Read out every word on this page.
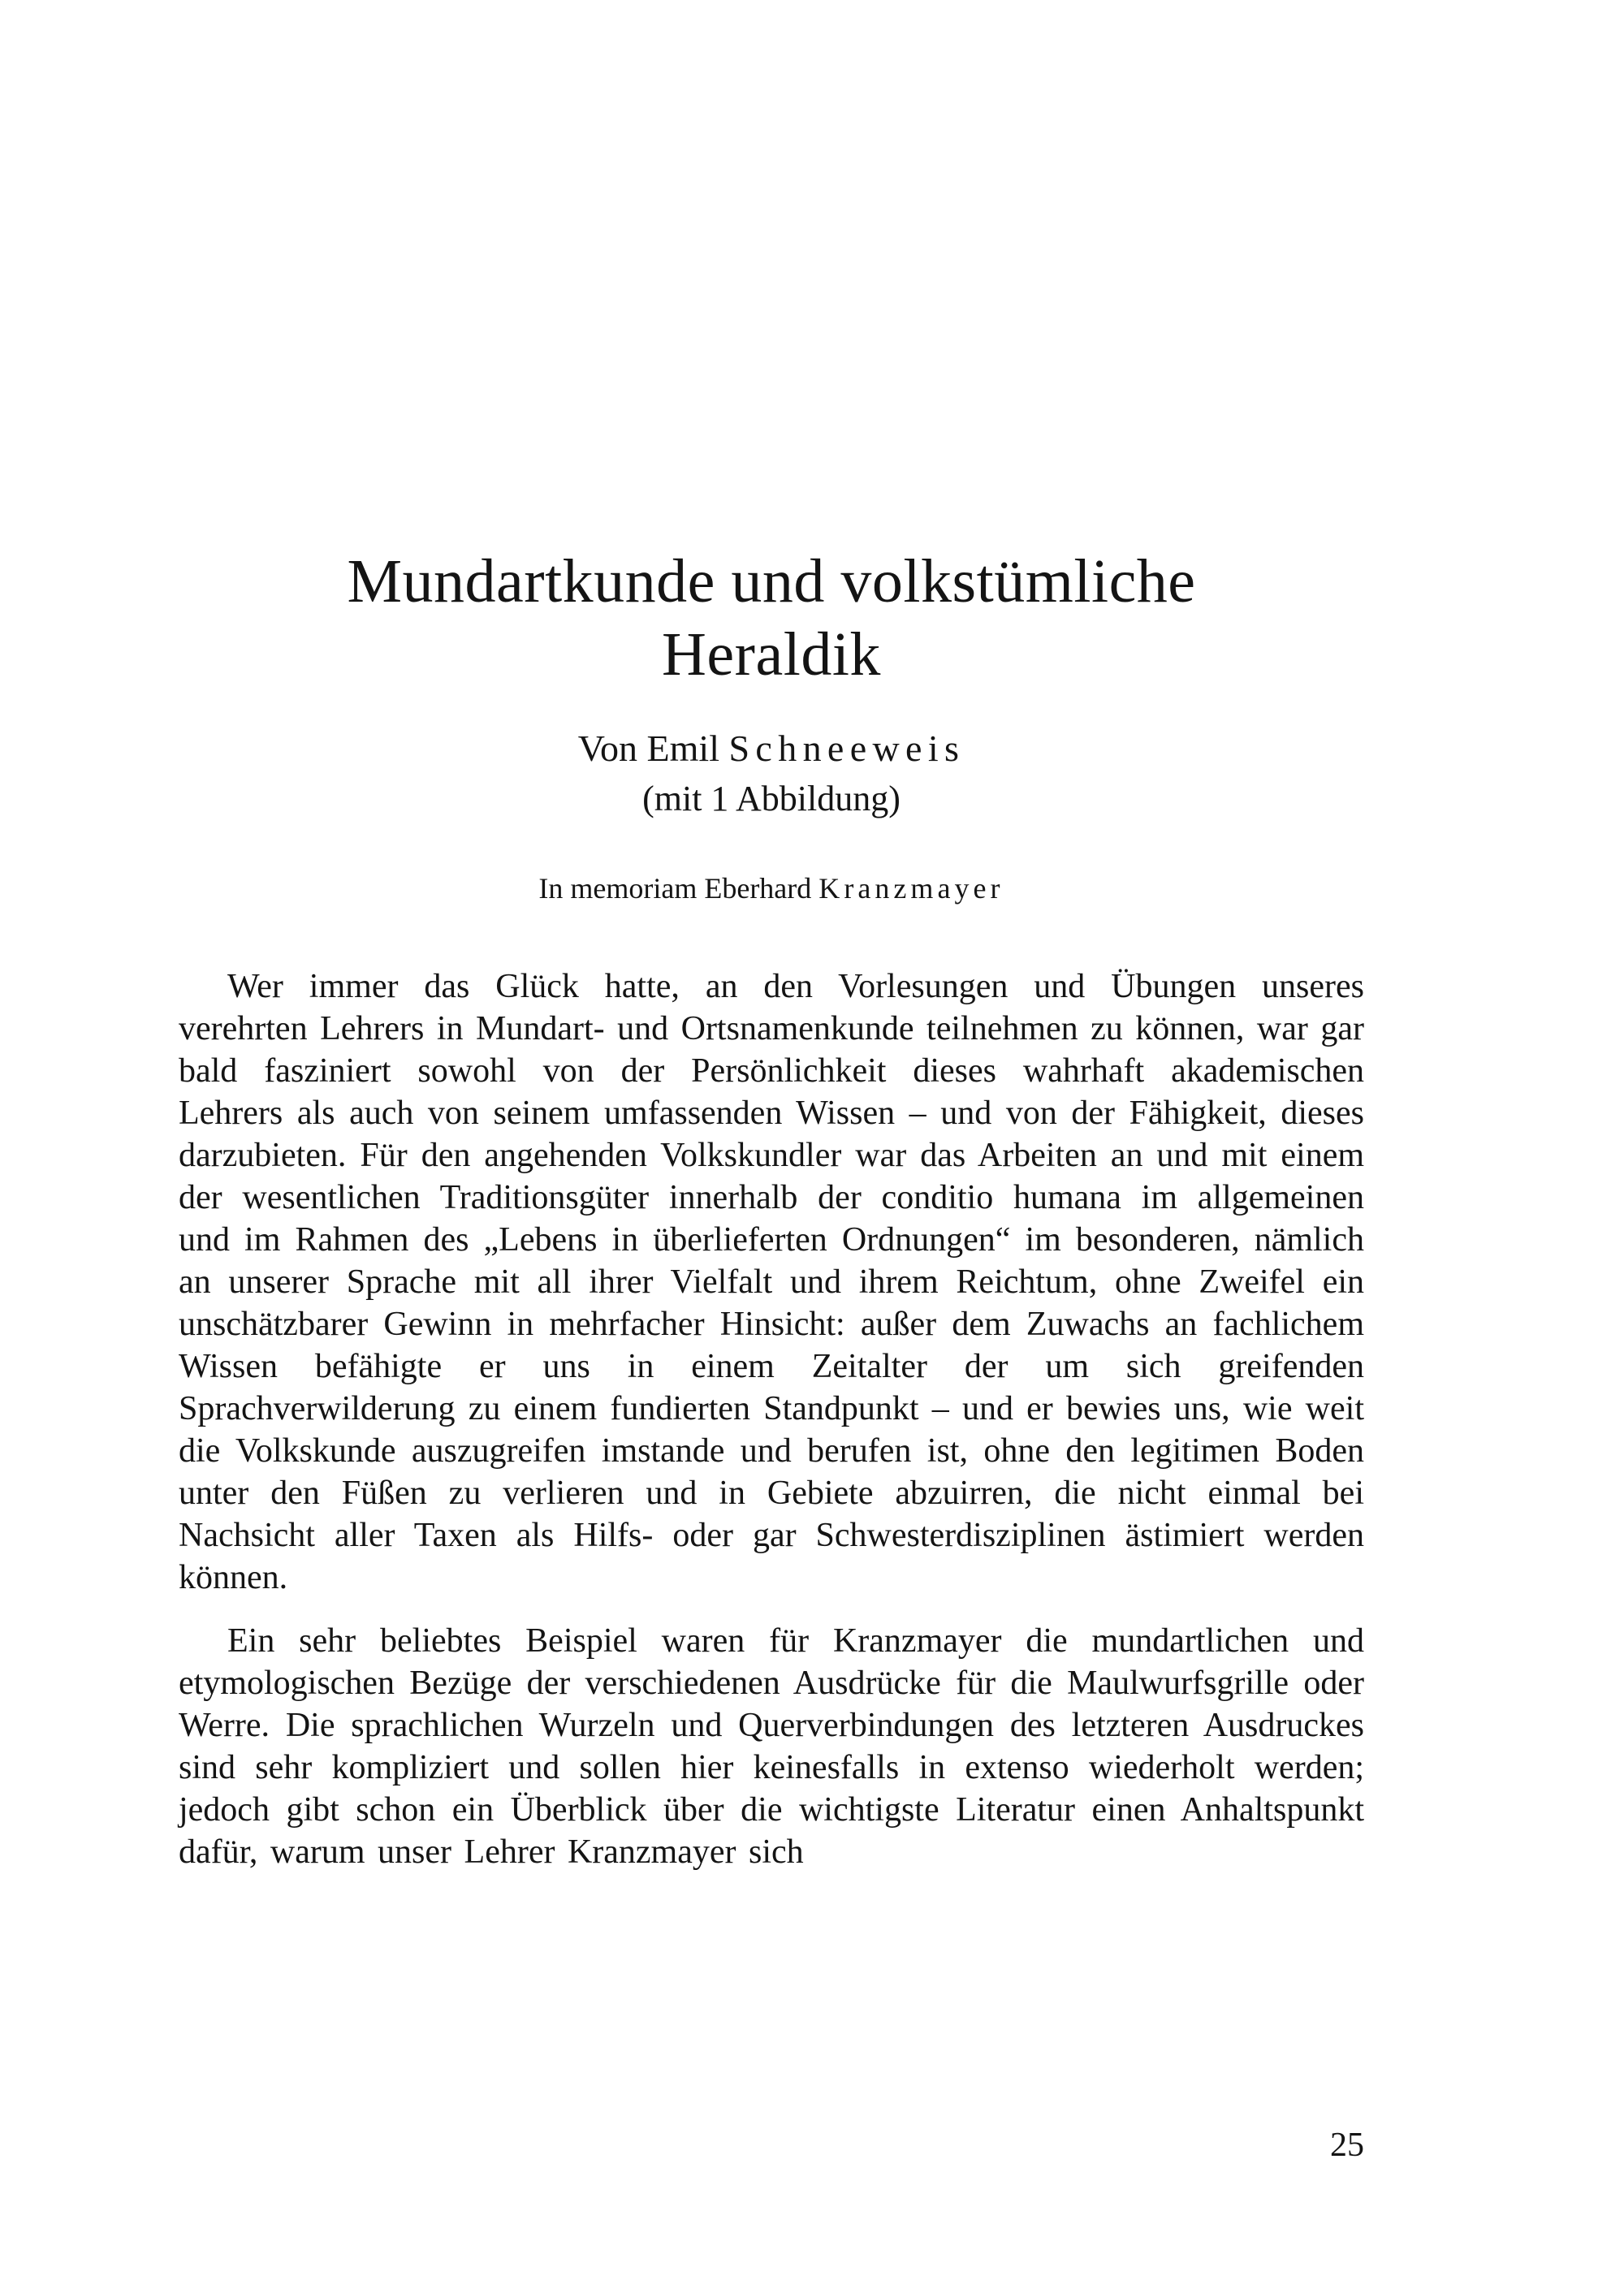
Mundartkunde und volkstümliche Heraldik
Von Emil Schneeweis
(mit 1 Abbildung)
In memoriam Eberhard Kranzmayer

Wer immer das Glück hatte, an den Vorlesungen und Übungen unseres verehrten Lehrers in Mundart- und Ortsnamenkunde teilnehmen zu können, war gar bald fasziniert sowohl von der Persönlichkeit dieses wahrhaft akademischen Lehrers als auch von seinem umfassenden Wissen – und von der Fähigkeit, dieses darzubieten. Für den angehenden Volkskundler war das Arbeiten an und mit einem der wesentlichen Traditionsgüter innerhalb der conditio humana im allgemeinen und im Rahmen des „Lebens in überlieferten Ordnungen“ im besonderen, nämlich an unserer Sprache mit all ihrer Vielfalt und ihrem Reichtum, ohne Zweifel ein unschätzbarer Gewinn in mehrfacher Hinsicht: außer dem Zuwachs an fachlichem Wissen befähigte er uns in einem Zeitalter der um sich greifenden Sprachverwilderung zu einem fundierten Standpunkt – und er bewies uns, wie weit die Volkskunde auszugreifen imstande und berufen ist, ohne den legitimen Boden unter den Füßen zu verlieren und in Gebiete abzuirren, die nicht einmal bei Nachsicht aller Taxen als Hilfs- oder gar Schwesterdisziplinen ästimiert werden können.

Ein sehr beliebtes Beispiel waren für Kranzmayer die mundartlichen und etymologischen Bezüge der verschiedenen Ausdrücke für die Maulwurfsgrille oder Werre. Die sprachlichen Wurzeln und Querverbindungen des letzteren Ausdruckes sind sehr kompliziert und sollen hier keinesfalls in extenso wiederholt werden; jedoch gibt schon ein Überblick über die wichtigste Literatur einen Anhaltspunkt dafür, warum unser Lehrer Kranzmayer sich

25
